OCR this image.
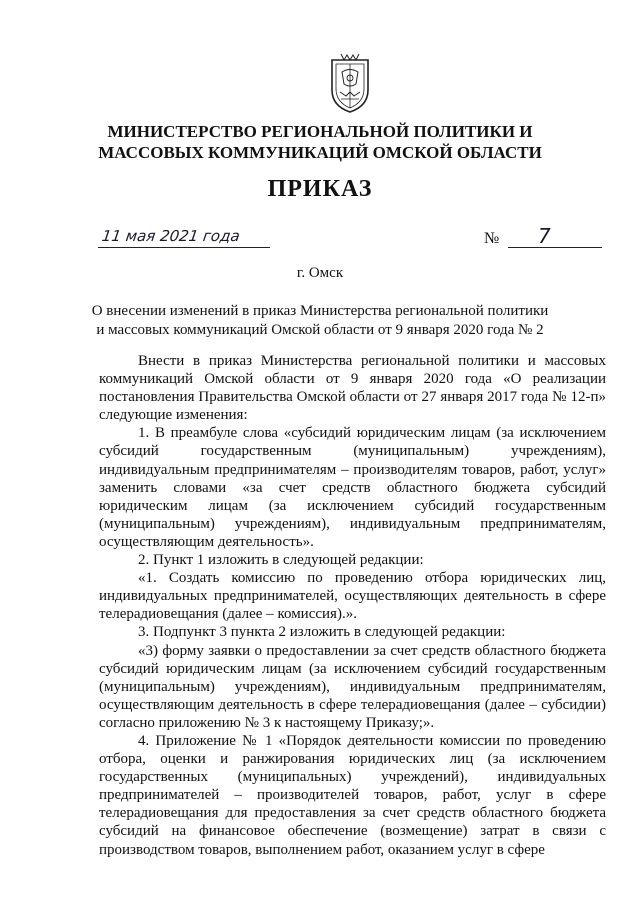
МИНИСТЕРСТВО РЕГИОНАЛЬНОЙ ПОЛИТИКИ И
МАССОВЫХ КОММУНИКАЦИЙ ОМСКОЙ ОБЛАСТИ
ПРИКАЗ
11 мая 2021 года	№ 7
г. Омск
О внесении изменений в приказ Министерства региональной политики
и массовых коммуникаций Омской области от 9 января 2020 года № 2

Внести в приказ Министерства региональной политики и массовых коммуникаций Омской области от 9 января 2020 года «О реализации постановления Правительства Омской области от 27 января 2017 года № 12-п» следующие изменения:

1. В преамбуле слова «субсидий юридическим лицам (за исключением субсидий государственным (муниципальным) учреждениям), индивидуальным предпринимателям – производителям товаров, работ, услуг» заменить словами «за счет средств областного бюджета субсидий юридическим лицам (за исключением субсидий государственным (муниципальным) учреждениям), индивидуальным предпринимателям, осуществляющим деятельность».

2. Пункт 1 изложить в следующей редакции:

«1. Создать комиссию по проведению отбора юридических лиц, индивидуальных предпринимателей, осуществляющих деятельность в сфере телерадиовещания (далее – комиссия).».

3. Подпункт 3 пункта 2 изложить в следующей редакции:

«3) форму заявки о предоставлении за счет средств областного бюджета субсидий юридическим лицам (за исключением субсидий государственным (муниципальным) учреждениям), индивидуальным предпринимателям, осуществляющим деятельность в сфере телерадиовещания (далее – субсидии) согласно приложению № 3 к настоящему Приказу;».

4. Приложение № 1 «Порядок деятельности комиссии по проведению отбора, оценки и ранжирования юридических лиц (за исключением государственных (муниципальных) учреждений), индивидуальных предпринимателей – производителей товаров, работ, услуг в сфере телерадиовещания для предоставления за счет средств областного бюджета субсидий на финансовое обеспечение (возмещение) затрат в связи с производством товаров, выполнением работ, оказанием услуг в сфере
